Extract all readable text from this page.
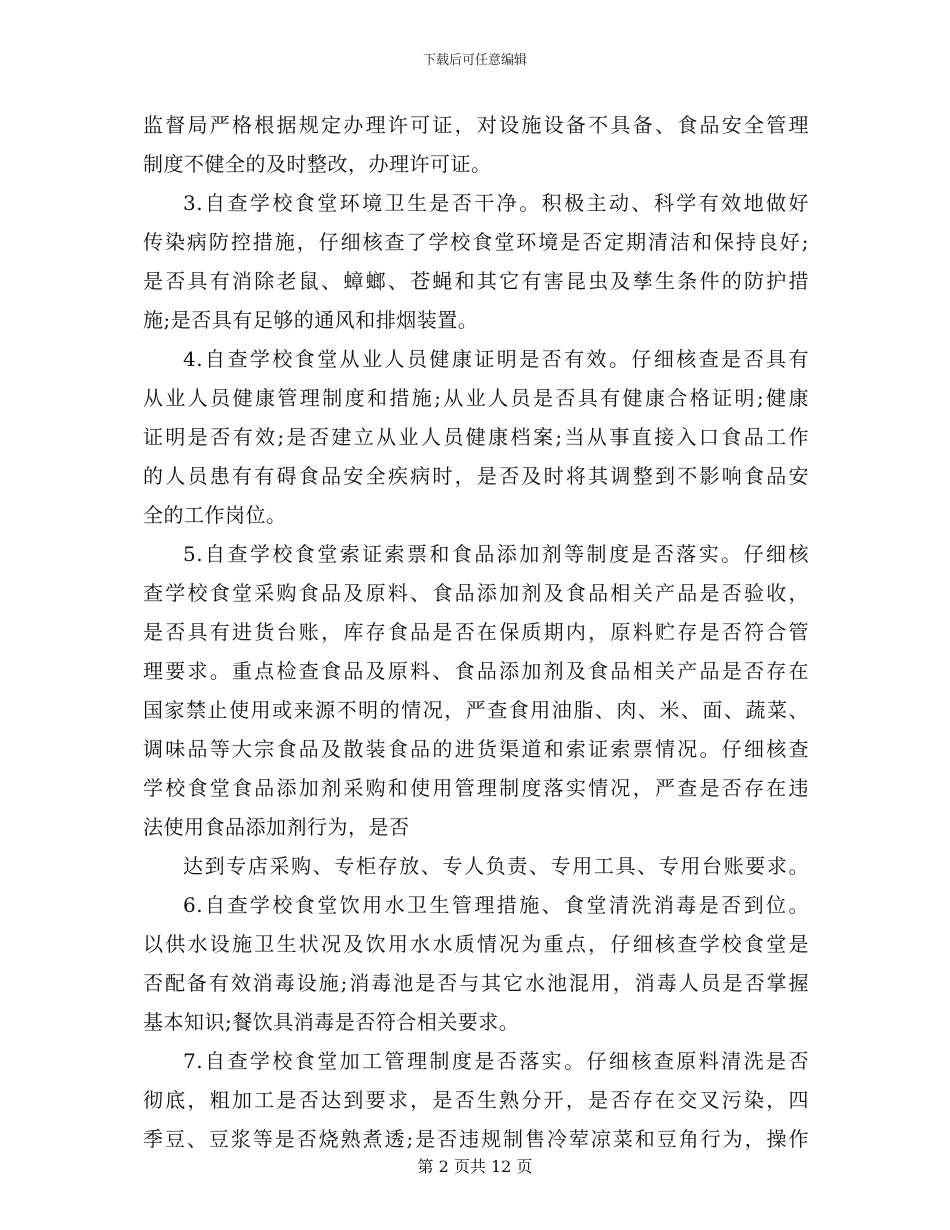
下载后可任意编辑
监督局严格根据规定办理许可证，对设施设备不具备、食品安全管理
制度不健全的及时整改，办理许可证。
3.自查学校食堂环境卫生是否干净。积极主动、科学有效地做好
传染病防控措施，仔细核查了学校食堂环境是否定期清洁和保持良好;
是否具有消除老鼠、蟑螂、苍蝇和其它有害昆虫及孳生条件的防护措
施;是否具有足够的通风和排烟装置。
4.自查学校食堂从业人员健康证明是否有效。仔细核查是否具有
从业人员健康管理制度和措施;从业人员是否具有健康合格证明;健康
证明是否有效;是否建立从业人员健康档案;当从事直接入口食品工作
的人员患有有碍食品安全疾病时，是否及时将其调整到不影响食品安
全的工作岗位。
5.自查学校食堂索证索票和食品添加剂等制度是否落实。仔细核
查学校食堂采购食品及原料、食品添加剂及食品相关产品是否验收，
是否具有进货台账，库存食品是否在保质期内，原料贮存是否符合管
理要求。重点检查食品及原料、食品添加剂及食品相关产品是否存在
国家禁止使用或来源不明的情况，严查食用油脂、肉、米、面、蔬菜、
调味品等大宗食品及散装食品的进货渠道和索证索票情况。仔细核查
学校食堂食品添加剂采购和使用管理制度落实情况，严查是否存在违
法使用食品添加剂行为，是否
达到专店采购、专柜存放、专人负责、专用工具、专用台账要求。
6.自查学校食堂饮用水卫生管理措施、食堂清洗消毒是否到位。
以供水设施卫生状况及饮用水水质情况为重点，仔细核查学校食堂是
否配备有效消毒设施;消毒池是否与其它水池混用，消毒人员是否掌握
基本知识;餐饮具消毒是否符合相关要求。
7.自查学校食堂加工管理制度是否落实。仔细核查原料清洗是否
彻底，粗加工是否达到要求，是否生熟分开，是否存在交叉污染，四
季豆、豆浆等是否烧熟煮透;是否违规制售冷荤凉菜和豆角行为，操作
第 2 页共 12 页
